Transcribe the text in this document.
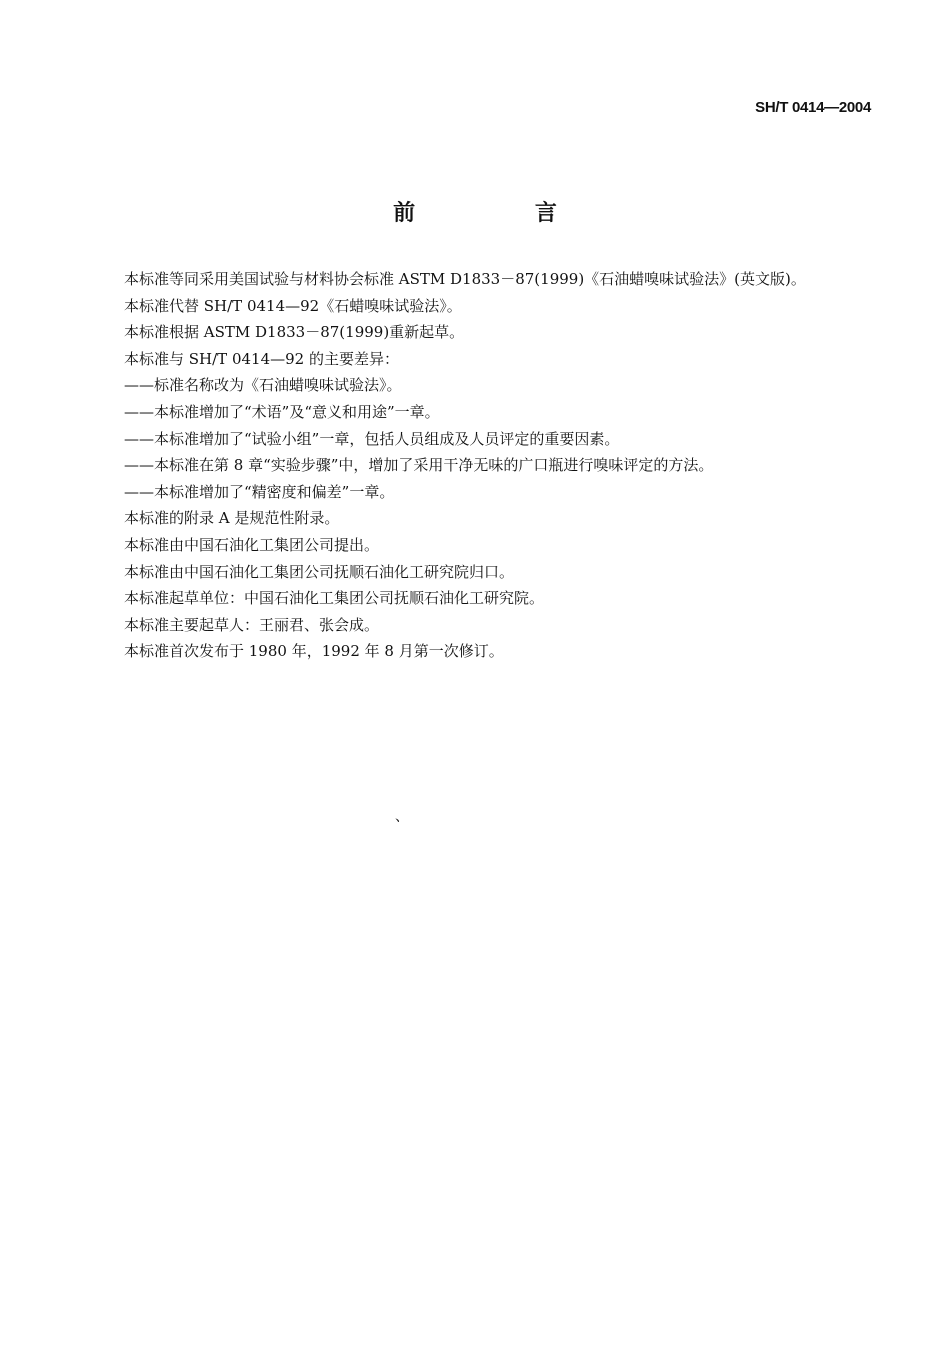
SH/T 0414—2004
前 言
本标准等同采用美国试验与材料协会标准 ASTM D1833－87(1999)《石油蜡嗅味试验法》(英文版)。
本标准代替 SH/T 0414—92《石蜡嗅味试验法》。
本标准根据 ASTM D1833－87(1999)重新起草。
本标准与 SH/T 0414—92 的主要差异：
——标准名称改为《石油蜡嗅味试验法》。
——本标准增加了“术语”及“意义和用途”一章。
——本标准增加了“试验小组”一章，包括人员组成及人员评定的重要因素。
——本标准在第 8 章“实验步骤”中，增加了采用干净无味的广口瓶进行嗅味评定的方法。
——本标准增加了“精密度和偏差”一章。
本标准的附录 A 是规范性附录。
本标准由中国石油化工集团公司提出。
本标准由中国石油化工集团公司抚顺石油化工研究院归口。
本标准起草单位：中国石油化工集团公司抚顺石油化工研究院。
本标准主要起草人：王丽君、张会成。
本标准首次发布于 1980 年，1992 年 8 月第一次修订。
、
